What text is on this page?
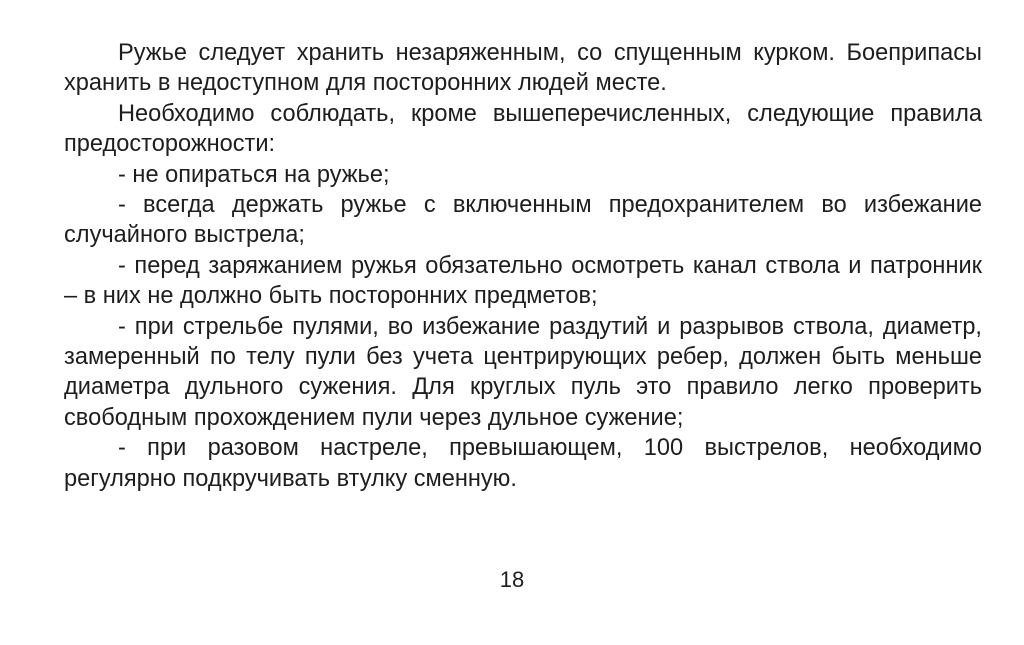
Ружье следует хранить незаряженным, со спущенным курком. Боеприпасы хранить в недоступном для посторонних людей месте.

Необходимо соблюдать, кроме вышеперечисленных, следующие правила предосторожности:

- не опираться на ружье;

- всегда держать ружье с включенным предохранителем во избежание случайного выстрела;

- перед заряжанием ружья обязательно осмотреть канал ствола и патронник – в них не должно быть посторонних предметов;

- при стрельбе пулями, во избежание раздутий и разрывов ствола, диаметр, замеренный по телу пули без учета центрирующих ребер, должен быть меньше диаметра дульного сужения. Для круглых пуль это правило легко проверить свободным прохождением пули через дульное сужение;

- при разовом настреле, превышающем, 100 выстрелов, необходимо регулярно подкручивать втулку сменную.

18
